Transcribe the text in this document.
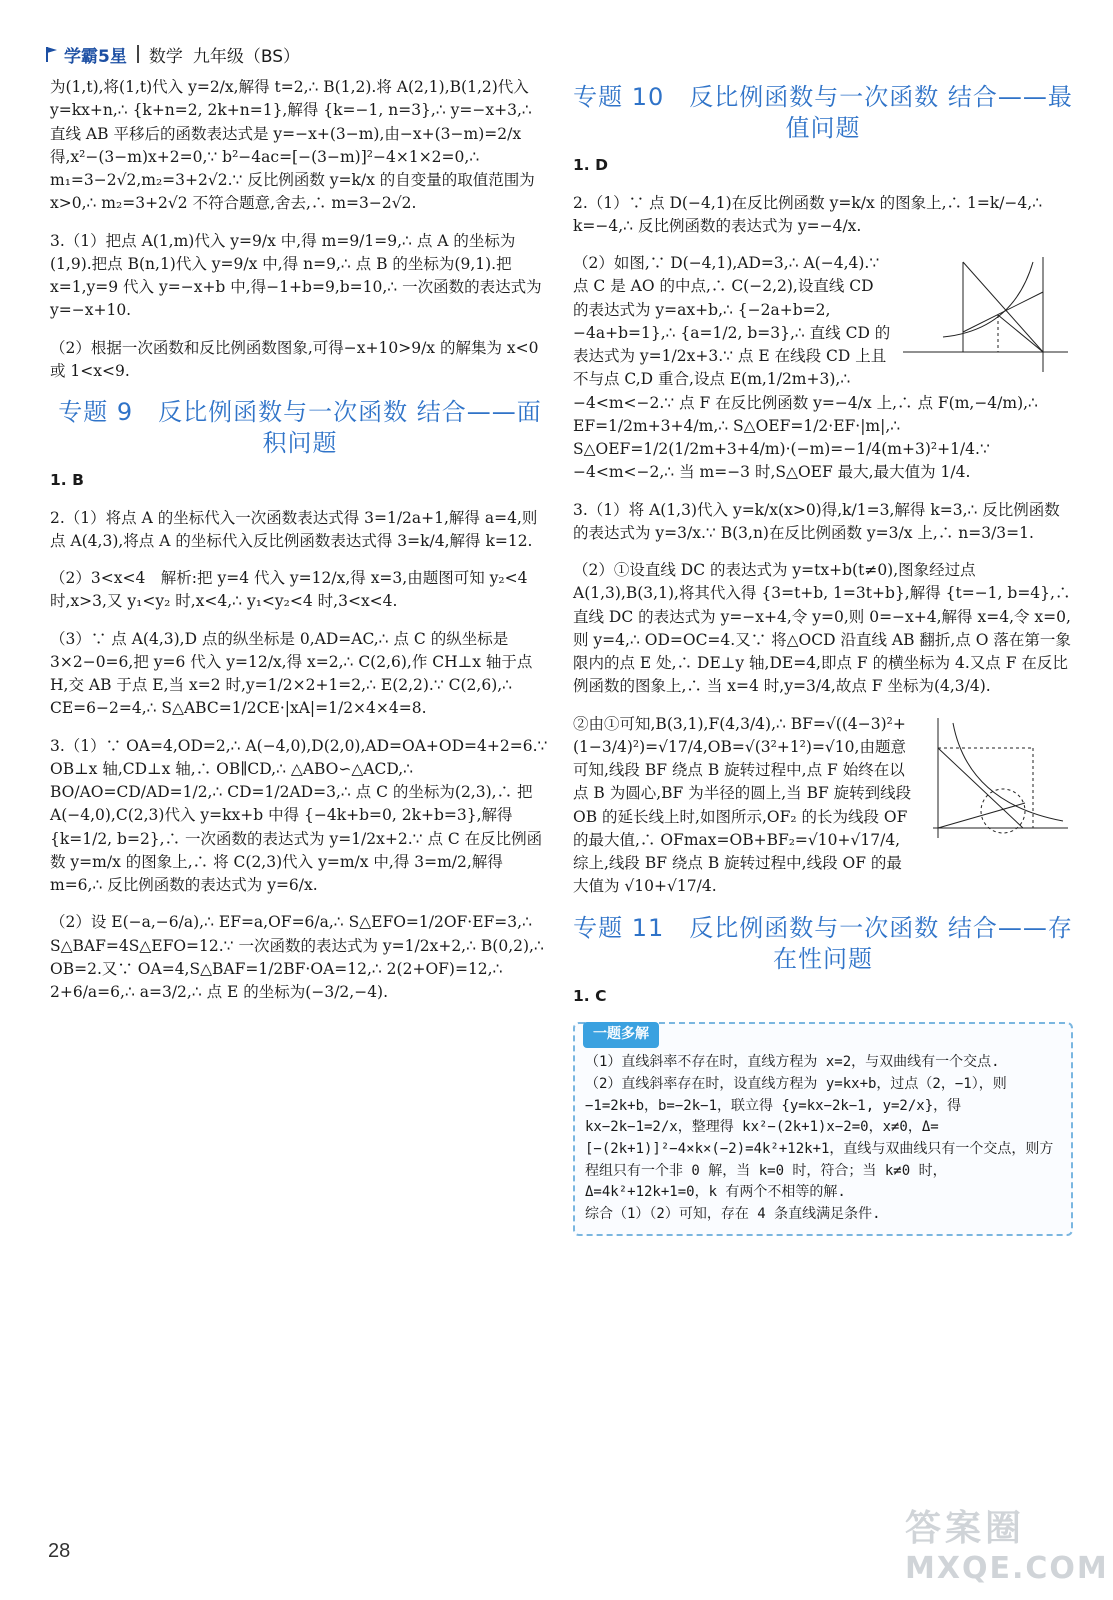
学霸5星 数学 九年级（BS）

为(1,t),将(1,t)代入 y=2/x,解得 t=2,∴ B(1,2).将 A(2,1),B(1,2)代入 y=kx+n,∴ {k+n=2, 2k+n=1},解得 {k=−1, n=3},∴ y=−x+3,∴ 直线 AB 平移后的函数表达式是 y=−x+(3−m),由−x+(3−m)=2/x 得,x²−(3−m)x+2=0,∵ b²−4ac=[−(3−m)]²−4×1×2=0,∴ m₁=3−2√2,m₂=3+2√2.∵ 反比例函数 y=k/x 的自变量的取值范围为 x>0,∴ m₂=3+2√2 不符合题意,舍去,∴ m=3−2√2.

3.（1）把点 A(1,m)代入 y=9/x 中,得 m=9/1=9,∴ 点 A 的坐标为(1,9).把点 B(n,1)代入 y=9/x 中,得 n=9,∴ 点 B 的坐标为(9,1).把 x=1,y=9 代入 y=−x+b 中,得−1+b=9,b=10,∴ 一次函数的表达式为 y=−x+10.

（2）根据一次函数和反比例函数图象,可得−x+10>9/x 的解集为 x<0 或 1<x<9.

专题 9　反比例函数与一次函数 结合——面积问题

1. B

2.（1）将点 A 的坐标代入一次函数表达式得 3=1/2a+1,解得 a=4,则点 A(4,3),将点 A 的坐标代入反比例函数表达式得 3=k/4,解得 k=12.

（2）3<x<4　解析:把 y=4 代入 y=12/x,得 x=3,由题图可知 y₂<4 时,x>3,又 y₁<y₂ 时,x<4,∴ y₁<y₂<4 时,3<x<4.

（3）∵ 点 A(4,3),D 点的纵坐标是 0,AD=AC,∴ 点 C 的纵坐标是 3×2−0=6,把 y=6 代入 y=12/x,得 x=2,∴ C(2,6),作 CH⊥x 轴于点 H,交 AB 于点 E,当 x=2 时,y=1/2×2+1=2,∴ E(2,2).∵ C(2,6),∴ CE=6−2=4,∴ S△ABC=1/2CE·|xA|=1/2×4×4=8.

3.（1）∵ OA=4,OD=2,∴ A(−4,0),D(2,0),AD=OA+OD=4+2=6.∵ OB⊥x 轴,CD⊥x 轴,∴ OB∥CD,∴ △ABO∽△ACD,∴ BO/AO=CD/AD=1/2,∴ CD=1/2AD=3,∴ 点 C 的坐标为(2,3),∴ 把 A(−4,0),C(2,3)代入 y=kx+b 中得 {−4k+b=0, 2k+b=3},解得 {k=1/2, b=2},∴ 一次函数的表达式为 y=1/2x+2.∵ 点 C 在反比例函数 y=m/x 的图象上,∴ 将 C(2,3)代入 y=m/x 中,得 3=m/2,解得 m=6,∴ 反比例函数的表达式为 y=6/x.

（2）设 E(−a,−6/a),∴ EF=a,OF=6/a,∴ S△EFO=1/2OF·EF=3,∴ S△BAF=4S△EFO=12.∵ 一次函数的表达式为 y=1/2x+2,∴ B(0,2),∴ OB=2.又∵ OA=4,S△BAF=1/2BF·OA=12,∴ 2(2+OF)=12,∴ 2+6/a=6,∴ a=3/2,∴ 点 E 的坐标为(−3/2,−4).

专题 10　反比例函数与一次函数 结合——最值问题

1. D

2.（1）∵ 点 D(−4,1)在反比例函数 y=k/x 的图象上,∴ 1=k/−4,∴ k=−4,∴ 反比例函数的表达式为 y=−4/x.

（2）如图,∵ D(−4,1),AD=3,∴ A(−4,4).∵ 点 C 是 AO 的中点,∴ C(−2,2),设直线 CD 的表达式为 y=ax+b,∴ {−2a+b=2, −4a+b=1},∴ {a=1/2, b=3},∴ 直线 CD 的表达式为 y=1/2x+3.∵ 点 E 在线段 CD 上且不与点 C,D 重合,设点 E(m,1/2m+3),∴ −4<m<−2.∵ 点 F 在反比例函数 y=−4/x 上,∴ 点 F(m,−4/m),∴ EF=1/2m+3+4/m,∴ S△OEF=1/2·EF·|m|,∴ S△OEF=1/2(1/2m+3+4/m)·(−m)=−1/4(m+3)²+1/4.∵ −4<m<−2,∴ 当 m=−3 时,S△OEF 最大,最大值为 1/4.

3.（1）将 A(1,3)代入 y=k/x(x>0)得,k/1=3,解得 k=3,∴ 反比例函数的表达式为 y=3/x.∵ B(3,n)在反比例函数 y=3/x 上,∴ n=3/3=1.

（2）①设直线 DC 的表达式为 y=tx+b(t≠0),图象经过点 A(1,3),B(3,1),将其代入得 {3=t+b, 1=3t+b},解得 {t=−1, b=4},∴ 直线 DC 的表达式为 y=−x+4,令 y=0,则 0=−x+4,解得 x=4,令 x=0,则 y=4,∴ OD=OC=4.又∵ 将△OCD 沿直线 AB 翻折,点 O 落在第一象限内的点 E 处,∴ DE⊥y 轴,DE=4,即点 F 的横坐标为 4.又点 F 在反比例函数的图象上,∴ 当 x=4 时,y=3/4,故点 F 坐标为(4,3/4).

②由①可知,B(3,1),F(4,3/4),∴ BF=√((4−3)²+(1−3/4)²)=√17/4,OB=√(3²+1²)=√10,由题意可知,线段 BF 绕点 B 旋转过程中,点 F 始终在以点 B 为圆心,BF 为半径的圆上,当 BF 旋转到线段 OB 的延长线上时,如图所示,OF₂ 的长为线段 OF 的最大值,∴ OFmax=OB+BF₂=√10+√17/4,综上,线段 BF 绕点 B 旋转过程中,线段 OF 的最大值为 √10+√17/4.

专题 11　反比例函数与一次函数 结合——存在性问题

1. C

一题多解
（1）直线斜率不存在时，直线方程为 x=2，与双曲线有一个交点.
（2）直线斜率存在时，设直线方程为 y=kx+b，过点（2，−1），则−1=2k+b，b=−2k−1，联立得 {y=kx−2k−1, y=2/x}，得 kx−2k−1=2/x，整理得 kx²−(2k+1)x−2=0，x≠0，Δ=[−(2k+1)]²−4×k×(−2)=4k²+12k+1，直线与双曲线只有一个交点，则方程组只有一个非 0 解，当 k=0 时，符合；当 k≠0 时，Δ=4k²+12k+1=0，k 有两个不相等的解.
综合（1）（2）可知，存在 4 条直线满足条件.
28
答案圈
MXQE.COM
